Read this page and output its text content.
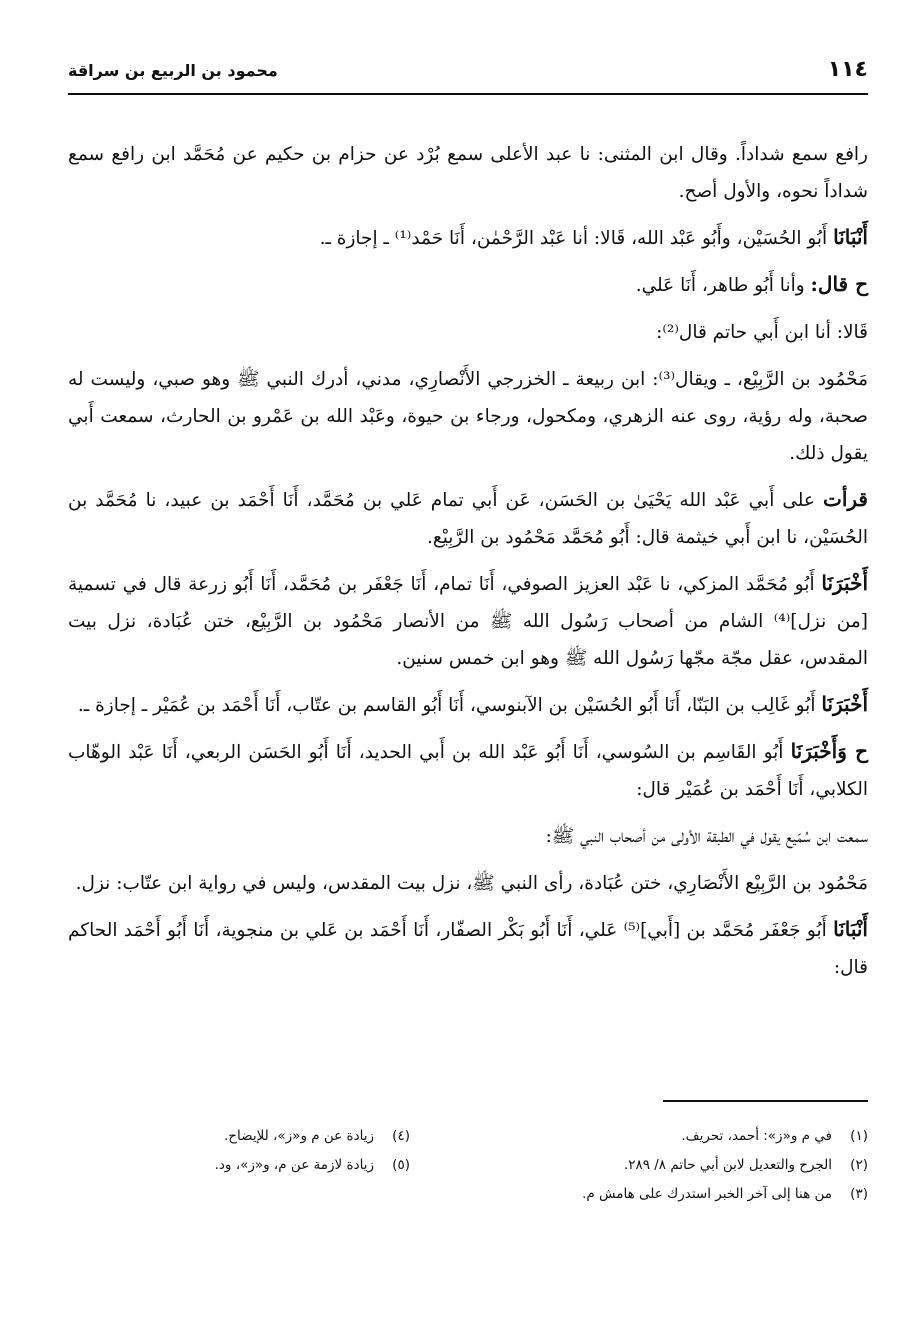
١١٤
محمود بن الربيع بن سراقة

رافع سمع شداداً. وقال ابن المثنى: نا عبد الأعلى سمع بُرْد عن حزام بن حكيم عن مُحَمَّد ابن رافع سمع شداداً نحوه، والأول أصح.

أَنْبَانَا أَبُو الحُسَيْن، وأَبُو عَبْد الله، قَالا: أنا عَبْد الرَّحْمٰن، أَنَا حَمْد⁽¹⁾ ـ إجازة ـ.

ح قال: وأنا أَبُو طاهر، أَنَا عَلي.

قَالا: أنا ابن أَبي حاتم قال⁽²⁾:

مَحْمُود بن الرَّبِيْع، ـ ويقال⁽³⁾: ابن ربيعة ـ الخزرجي الأَنْصارِي، مدني، أدرك النبي ﷺ وهو صبي، وليست له صحبة، وله رؤية، روى عنه الزهري، ومكحول، ورجاء بن حيوة، وعَبْد الله بن عَمْرو بن الحارث، سمعت أَبي يقول ذلك.

قرأت على أَبي عَبْد الله يَحْيَىٰ بن الحَسَن، عَن أَبي تمام عَلي بن مُحَمَّد، أَنَا أَحْمَد بن عبيد، نا مُحَمَّد بن الحُسَيْن، نا ابن أَبي خيثمة قال: أَبُو مُحَمَّد مَحْمُود بن الرَّبِيْع.

أَخْبَرَنَا أَبُو مُحَمَّد المزكي، نا عَبْد العزيز الصوفي، أَنَا تمام، أَنَا جَعْفَر بن مُحَمَّد، أَنَا أَبُو زرعة قال في تسمية [من نزل]⁽⁴⁾ الشام من أصحاب رَسُول الله ﷺ من الأنصار مَحْمُود بن الرَّبِيْع، ختن عُبَادة، نزل بيت المقدس، عقل مجّة مجّها رَسُول الله ﷺ وهو ابن خمس سنين.

أَخْبَرَنَا أَبُو غَالِب بن البَنّا، أَنَا أَبُو الحُسَيْن بن الآبنوسي، أَنَا أَبُو القاسم بن عتّاب، أَنَا أَحْمَد بن عُمَيْر ـ إجازة ـ.

ح وَأَخْبَرَنَا أَبُو القَاسِم بن السُوسي، أَنَا أَبُو عَبْد الله بن أَبي الحديد، أَنَا أَبُو الحَسَن الربعي، أَنَا عَبْد الوهّاب الكلابي، أَنَا أَحْمَد بن عُمَيْر قال:

سمعت ابن سُمَيع يقول في الطبقة الأولى من أصحاب النبي ﷺ:

مَحْمُود بن الرَّبِيْع الأَنْصَارِي، ختن عُبَادة، رأى النبي ﷺ، نزل بيت المقدس، وليس في رواية ابن عتّاب: نزل.

أَنْبَانَا أَبُو جَعْفَر مُحَمَّد بن [أَبي]⁽⁵⁾ عَلي، أَنَا أَبُو بَكْر الصفّار، أَنَا أَحْمَد بن عَلي بن منجوية، أَنَا أَبُو أَحْمَد الحاكم قال:

(١)في م و«ز»: أحمد، تحريف.
(٢)الجرح والتعديل لابن أبي حاتم ٨/ ٢٨٩.
(٣)من هنا إلى آخر الخبر استدرك على هامش م.
(٤)زيادة عن م و«ز»، للإيضاح.
(٥)زيادة لازمة عن م، و«ز»، ود.
